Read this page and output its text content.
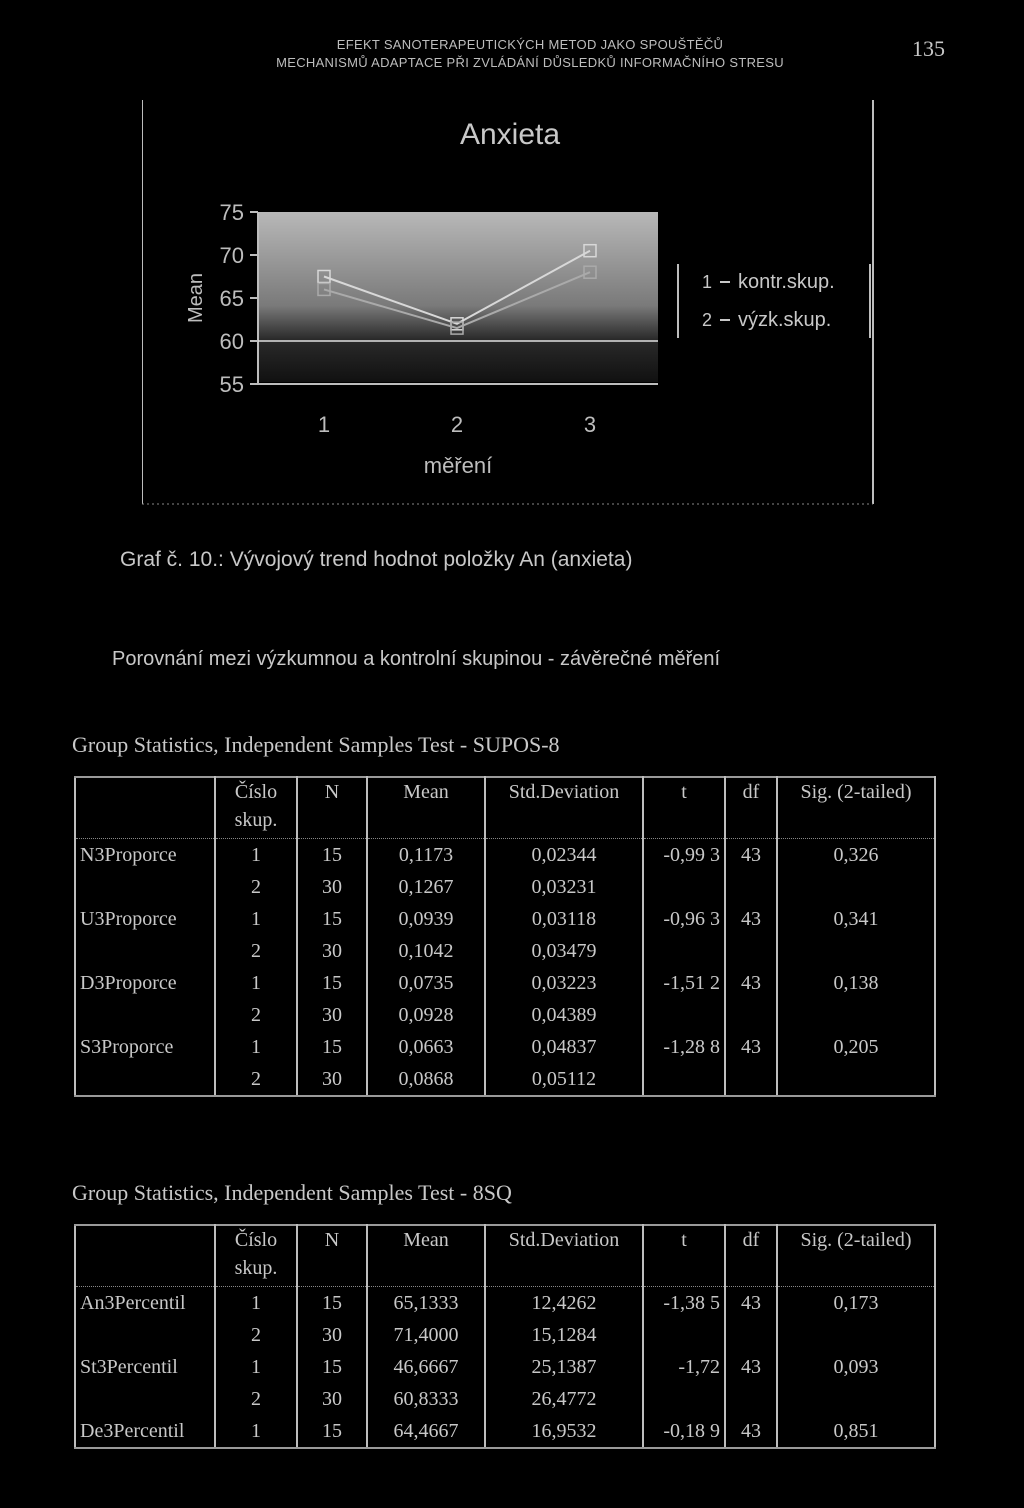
EFEKT SANOTERAPEUTICKÝCH METOD JAKO SPOUŠTĚČŮ
MECHANISMŮ ADAPTACE PŘI ZVLÁDÁNÍ DŮSLEDKŮ INFORMAČNÍHO STRESU
135
Anxieta
55
60
65
70
75
1	2	3
Mean
měření
1 kontr.skup.
2 výzk.skup.
Graf č. 10.: Vývojový trend hodnot položky An (anxieta)
Porovnání mezi výzkumnou a kontrolní skupinou - závěrečné měření
Group Statistics, Independent Samples Test - SUPOS-8
	Číslo skup.	N	Mean	Std.Deviation	t	df	Sig. (2-tailed)
N3Proporce	1	15	0,1173	0,02344	-0,99 3	43	0,326
	2	30	0,1267	0,03231			
U3Proporce	1	15	0,0939	0,03118	-0,96 3	43	0,341
	2	30	0,1042	0,03479			
D3Proporce	1	15	0,0735	0,03223	-1,51 2	43	0,138
	2	30	0,0928	0,04389			
S3Proporce	1	15	0,0663	0,04837	-1,28 8	43	0,205
	2	30	0,0868	0,05112			
Group Statistics, Independent Samples Test - 8SQ
	Číslo skup.	N	Mean	Std.Deviation	t	df	Sig. (2-tailed)
An3Percentil	1	15	65,1333	12,4262	-1,38 5	43	0,173
	2	30	71,4000	15,1284			
St3Percentil	1	15	46,6667	25,1387	-1,72	43	0,093
	2	30	60,8333	26,4772			
De3Percentil	1	15	64,4667	16,9532	-0,18 9	43	0,851
